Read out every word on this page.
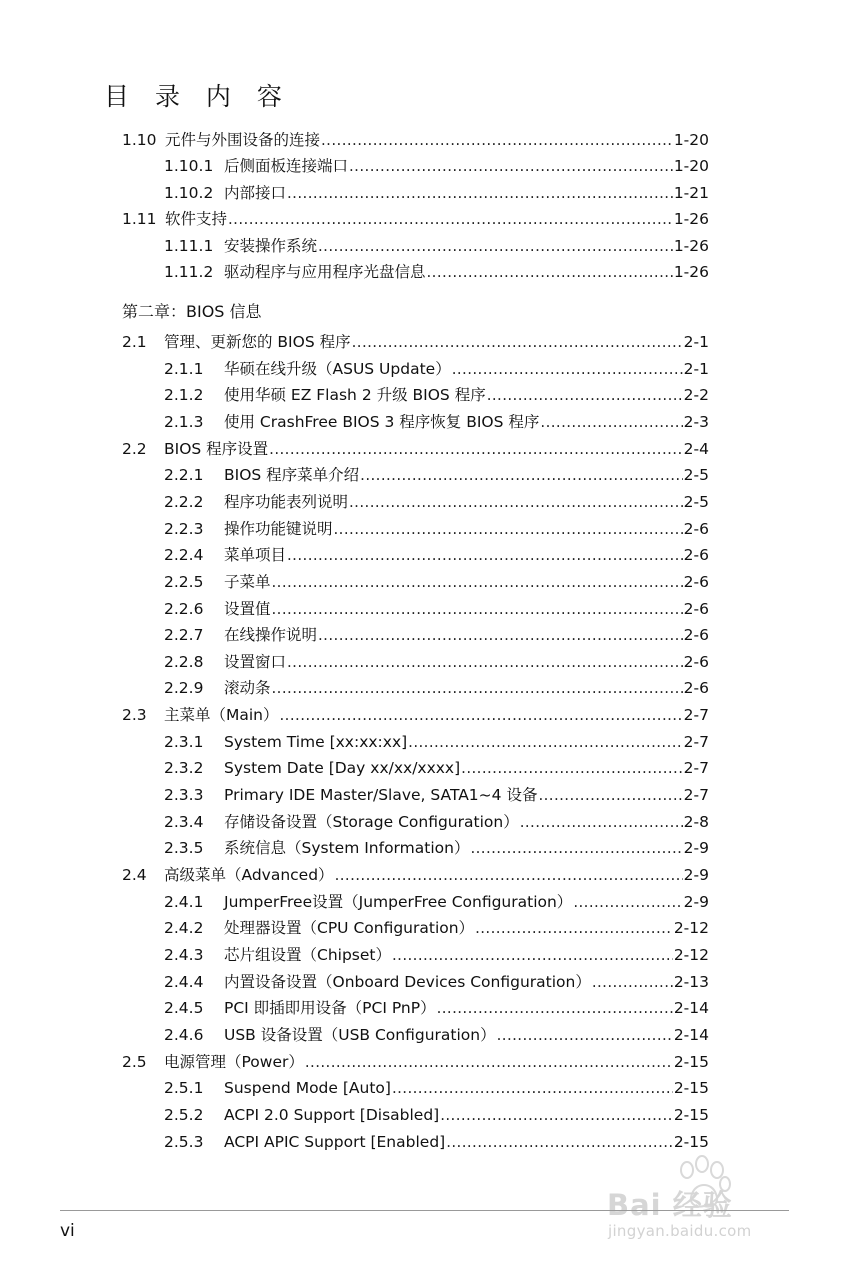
目 录 内 容
1.10 元件与外围设备的连接 .....	1-20
1.10.1 后侧面板连接端口 .....	1-20
1.10.2 内部接口 .....	1-21
1.11 软件支持 .....	1-26
1.11.1 安装操作系统 .....	1-26
1.11.2 驱动程序与应用程序光盘信息 .....	1-26
第二章：BIOS 信息
2.1	管理、更新您的 BIOS 程序 .....	2-1
2.1.1	华硕在线升级（ASUS Update） .....	2-1
2.1.2	使用华硕 EZ Flash 2 升级 BIOS 程序 .....	2-2
2.1.3	使用 CrashFree BIOS 3 程序恢复 BIOS 程序 .....	2-3
2.2	BIOS 程序设置 .....	2-4
2.2.1	BIOS 程序菜单介绍 .....	2-5
2.2.2	程序功能表列说明 .....	2-5
2.2.3	操作功能键说明 .....	2-6
2.2.4	菜单项目 .....	2-6
2.2.5	子菜单 .....	2-6
2.2.6	设置值 .....	2-6
2.2.7	在线操作说明 .....	2-6
2.2.8	设置窗口 .....	2-6
2.2.9	滚动条 .....	2-6
2.3	主菜单（Main） .....	2-7
2.3.1	System Time [xx:xx:xx] .....	2-7
2.3.2	System Date [Day xx/xx/xxxx] .....	2-7
2.3.3	Primary IDE Master/Slave, SATA1~4 设备 .....	2-7
2.3.4	存储设备设置（Storage Configuration） .....	2-8
2.3.5	系统信息（System Information） .....	2-9
2.4	高级菜单（Advanced） .....	2-9
2.4.1	JumperFree设置（JumperFree Configuration） .....	2-9
2.4.2	处理器设置（CPU Configuration） .....	2-12
2.4.3	芯片组设置（Chipset） .....	2-12
2.4.4	内置设备设置（Onboard Devices Configuration） .....	2-13
2.4.5	PCI 即插即用设备（PCI PnP） .....	2-14
2.4.6	USB 设备设置（USB Configuration） .....	2-14
2.5	电源管理（Power） .....	2-15
2.5.1	Suspend Mode [Auto] .....	2-15
2.5.2	ACPI 2.0 Support [Disabled] .....	2-15
2.5.3	ACPI APIC Support [Enabled] .....	2-15
Bai 经验
jingyan.baidu.com
vi
